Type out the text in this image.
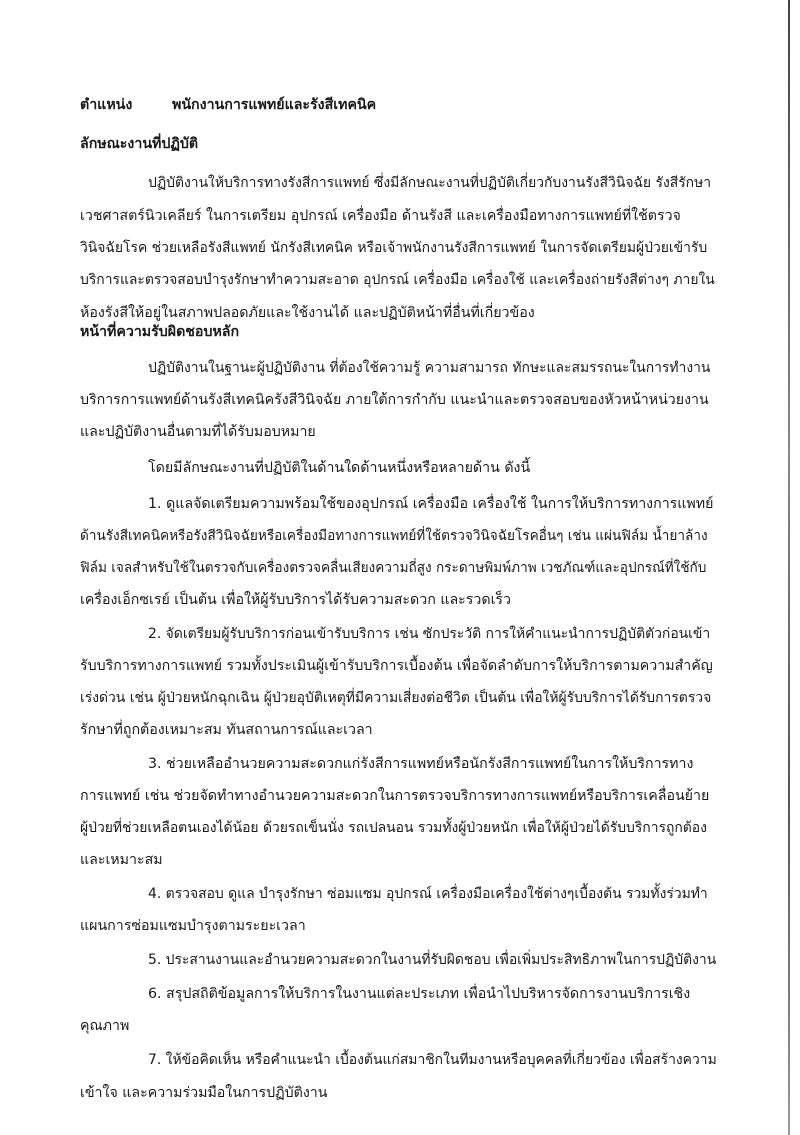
ตำแหน่ง	พนักงานการแพทย์และรังสีเทคนิค
ลักษณะงานที่ปฏิบัติ
ปฏิบัติงานให้บริการทางรังสีการแพทย์ ซึ่งมีลักษณะงานที่ปฏิบัติเกี่ยวกับงานรังสีวินิจฉัย รังสีรักษา
เวชศาสตร์นิวเคลียร์ ในการเตรียม อุปกรณ์ เครื่องมือ ด้านรังสี และเครื่องมือทางการแพทย์ที่ใช้ตรวจ
วินิจฉัยโรค ช่วยเหลือรังสีแพทย์ นักรังสีเทคนิค หรือเจ้าพนักงานรังสีการแพทย์ ในการจัดเตรียมผู้ป่วยเข้ารับ
บริการและตรวจสอบบำรุงรักษาทำความสะอาด อุปกรณ์ เครื่องมือ เครื่องใช้ และเครื่องถ่ายรังสีต่างๆ ภายใน
ห้องรังสีให้อยู่ในสภาพปลอดภัยและใช้งานได้ และปฏิบัติหน้าที่อื่นที่เกี่ยวข้อง
หน้าที่ความรับผิดชอบหลัก
ปฏิบัติงานในฐานะผู้ปฏิบัติงาน ที่ต้องใช้ความรู้ ความสามารถ ทักษะและสมรรถนะในการทำงาน
บริการการแพทย์ด้านรังสีเทคนิครังสีวินิจฉัย ภายใต้การกำกับ แนะนำและตรวจสอบของหัวหน้าหน่วยงาน
และปฏิบัติงานอื่นตามที่ได้รับมอบหมาย
โดยมีลักษณะงานที่ปฏิบัติในด้านใดด้านหนึ่งหรือหลายด้าน ดังนี้
1. ดูแลจัดเตรียมความพร้อมใช้ของอุปกรณ์ เครื่องมือ เครื่องใช้ ในการให้บริการทางการแพทย์
ด้านรังสีเทคนิคหรือรังสีวินิจฉัยหรือเครื่องมือทางการแพทย์ที่ใช้ตรวจวินิจฉัยโรคอื่นๆ เช่น แผ่นฟิล์ม น้ำยาล้าง
ฟิล์ม เจลสำหรับใช้ในตรวจกับเครื่องตรวจคลื่นเสียงความถี่สูง กระดาษพิมพ์ภาพ เวชภัณฑ์และอุปกรณ์ที่ใช้กับ
เครื่องเอ็กซเรย์ เป็นต้น เพื่อให้ผู้รับบริการได้รับความสะดวก และรวดเร็ว
2. จัดเตรียมผู้รับบริการก่อนเข้ารับบริการ เช่น ซักประวัติ การให้คำแนะนำการปฏิบัติตัวก่อนเข้า
รับบริการทางการแพทย์ รวมทั้งประเมินผู้เข้ารับบริการเบื้องต้น เพื่อจัดลำดับการให้บริการตามความสำคัญ
เร่งด่วน เช่น ผู้ป่วยหนักฉุกเฉิน ผู้ป่วยอุบัติเหตุที่มีความเสี่ยงต่อชีวิต เป็นต้น เพื่อให้ผู้รับบริการได้รับการตรวจ
รักษาที่ถูกต้องเหมาะสม ทันสถานการณ์และเวลา
3. ช่วยเหลืออำนวยความสะดวกแก่รังสีการแพทย์หรือนักรังสีการแพทย์ในการให้บริการทาง
การแพทย์ เช่น ช่วยจัดทำทางอำนวยความสะดวกในการตรวจบริการทางการแพทย์หรือบริการเคลื่อนย้าย
ผู้ป่วยที่ช่วยเหลือตนเองได้น้อย ด้วยรถเข็นนั่ง รถเปลนอน รวมทั้งผู้ป่วยหนัก เพื่อให้ผู้ป่วยได้รับบริการถูกต้อง
และเหมาะสม
4. ตรวจสอบ ดูแล บำรุงรักษา ซ่อมแซม อุปกรณ์ เครื่องมือเครื่องใช้ต่างๆเบื้องต้น รวมทั้งร่วมทำ
แผนการซ่อมแซมบำรุงตามระยะเวลา
5. ประสานงานและอำนวยความสะดวกในงานที่รับผิดชอบ เพื่อเพิ่มประสิทธิภาพในการปฏิบัติงาน
6. สรุปสถิติข้อมูลการให้บริการในงานแต่ละประเภท เพื่อนำไปบริหารจัดการงานบริการเชิง
คุณภาพ
7. ให้ข้อคิดเห็น หรือคำแนะนำ เบื้องต้นแก่สมาชิกในทีมงานหรือบุคคลที่เกี่ยวข้อง เพื่อสร้างความ
เข้าใจ และความร่วมมือในการปฏิบัติงาน
